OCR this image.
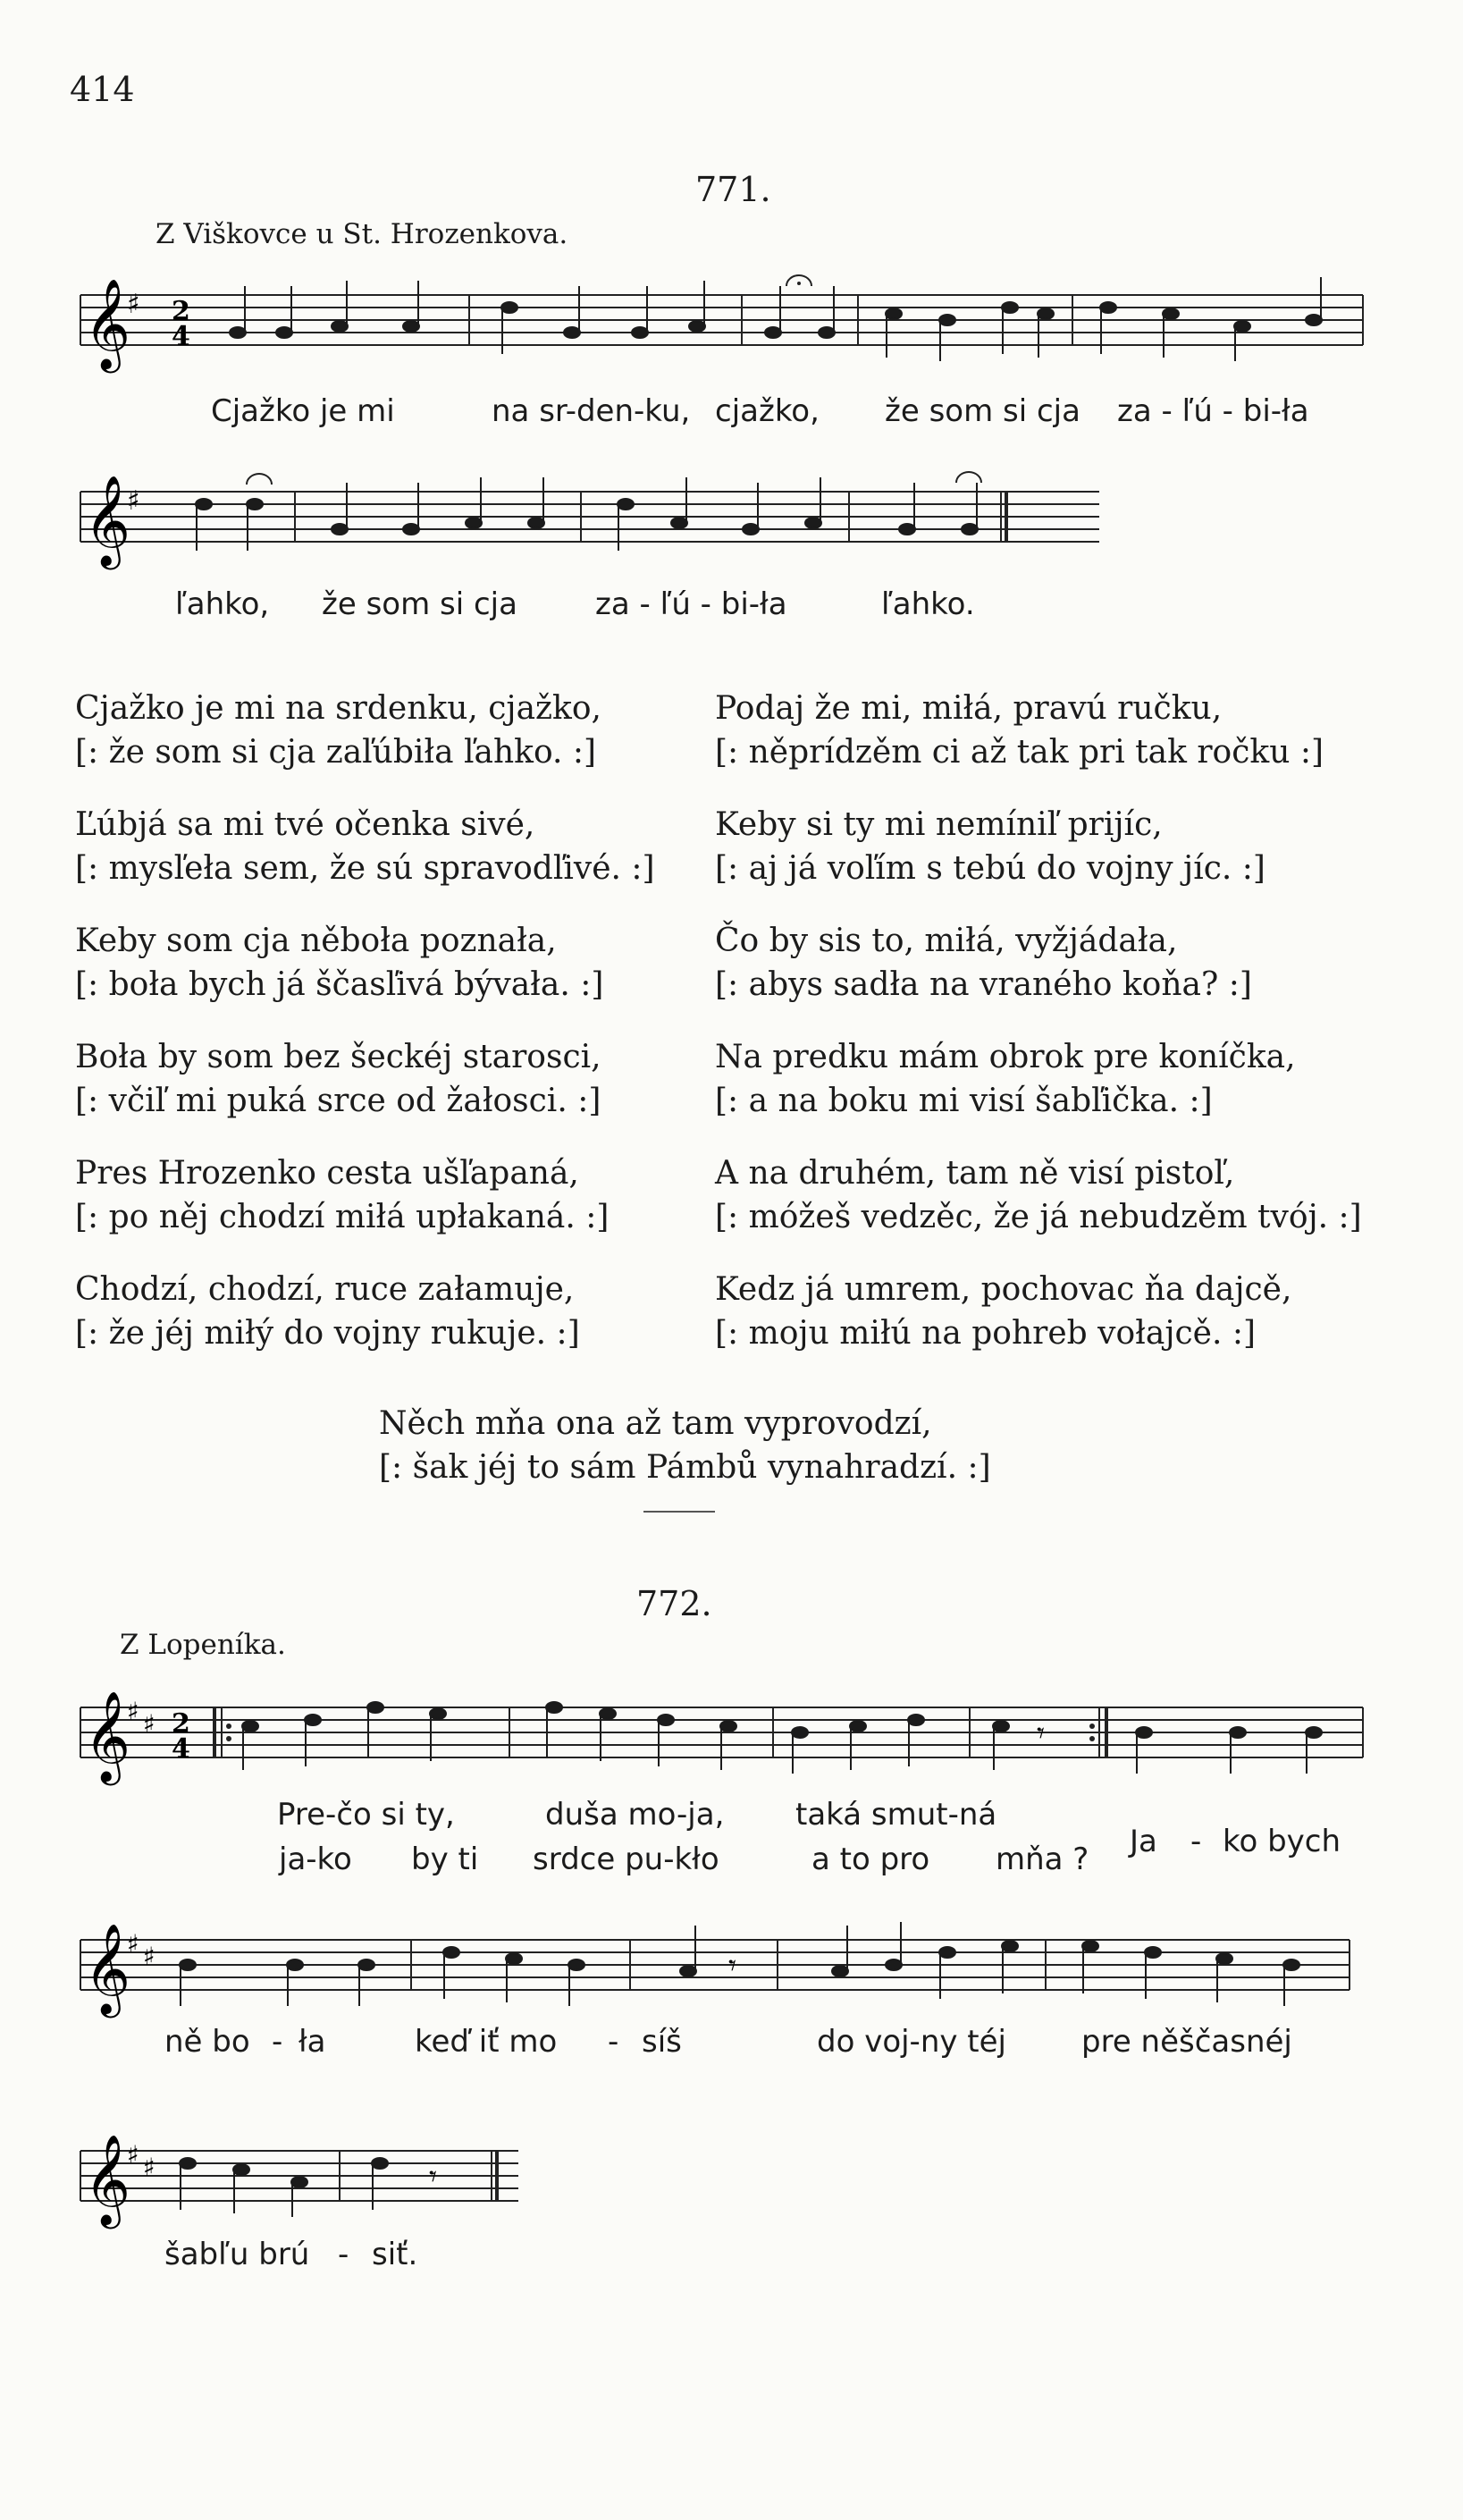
414
771.
Z Viškovce u St. Hrozenkova.
𝄞
♯ 2
4
Cjažko je mi	na sr-den-ku, cjažko, že som si cja za - ľú - bi-ła
𝄞
♯
ľahko, že som si cja	za - ľú - bi-ła	ľahko.
Cjažko je mi na srdenku, cjažko,
[: že som si cja zaľúbiła ľahko. :]
Ľúbjá sa mi tvé očenka sivé,
[: mysľeła sem, že sú spravodľivé. :]
Keby som cja něboła poznała,
[: boła bych já ščasľivá bývała. :]
Boła by som bez šeckéj starosci,
[: včiľ mi puká srce od žałosci. :]
Pres Hrozenko cesta ušľapaná,
[: po něj chodzí miłá upłakaná. :]
Chodzí, chodzí, ruce załamuje,
[: že jéj miłý do vojny rukuje. :]
Podaj že mi, miłá, pravú ručku,
[: něprídzěm ci až tak pri tak ročku :]
Keby si ty mi nemíniľ prijíc,
[: aj já voľím s tebú do vojny jíc. :]
Čo by sis to, miłá, vyžjádała,
[: abys sadła na vraného koňa? :]
Na predku mám obrok pre koníčka,
[: a na boku mi visí šabľička. :]
A na druhém, tam ně visí pistoľ,
[: móžeš vedzěc, že já nebudzěm tvój. :]
Kedz já umrem, pochovac ňa dajcě,
[: moju miłú na pohreb vołajcě. :]
Něch mňa ona až tam vyprovodzí,
[: šak jéj to sám Pámbů vynahradzí. :]
772.
Z Lopeníka.
𝄞
♯ ♯ 2
4	𝄾
Pre-čo si ty,	duša mo-ja, taká smut-ná
ja-ko by ti srdce pu-kło	a to pro mňa ? Ja - ko bych
𝄞
♯ ♯	𝄾
ně bo - ła	keď iť mo - síš	do voj-ny téj pre něščasnéj
𝄞
♯ ♯	𝄾
šabľu brú - siť.
